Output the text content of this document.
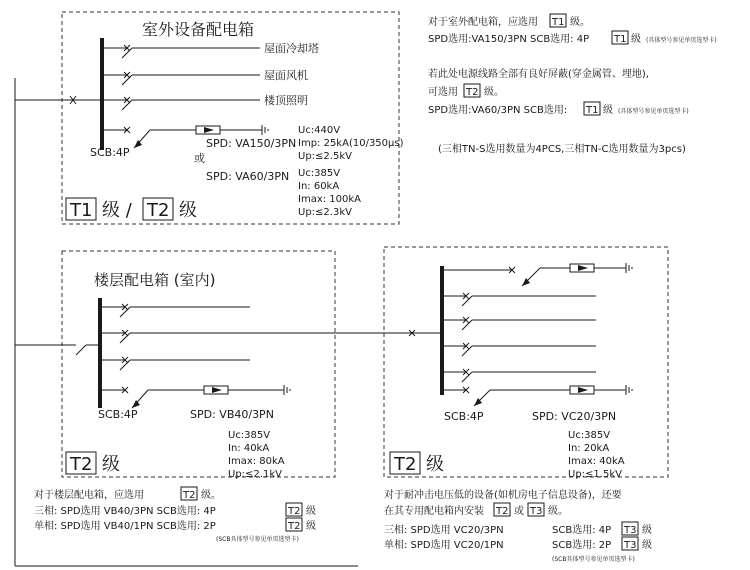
室外设备配电箱
屋面冷却塔
屋面风机
楼顶照明
SCB:4P
SPD: VA150/3PN
或
SPD: VA60/3PN
Uc:440V
Imp: 25kA(10/350μs)
Up:≤2.5kV
Uc:385V
In: 60kA
Imax: 100kA
Up:≤2.3kV
T1 级 / T2 级
对于室外配电箱，应选用 T1 级。
SPD选用:VA150/3PN SCB选用: 4P T1 级 (具体型号参见单页选型卡)
若此处电源线路全部有良好屏蔽(穿金属管、埋地),
可选用 T2 级。
SPD选用:VA60/3PN SCB选用: T1 级 (具体型号参见单页选型卡)
(三相TN-S选用数量为4PCS,三相TN-C选用数量为3pcs)
楼层配电箱 (室内)
SCB:4P	SPD: VB40/3PN
Uc:385V
In: 40kA
Imax: 80kA
Up:≤2.1kV
T2 级
SCB:4P	SPD: VC20/3PN
Uc:385V
In: 20kA
Imax: 40kA
Up:≤1.5kV
T2 级
对于楼层配电箱，应选用	T2 级。
三相: SPD选用 VB40/3PN SCB选用: 4P	T2 级
单相: SPD选用 VB40/1PN SCB选用: 2P	T2 级
(SCB具体型号参见单页选型卡)
对于耐冲击电压低的设备(如机房电子信息设备)，还要
在其专用配电箱内安装 T2 或 T3 级。
三相: SPD选用 VC20/3PN	SCB选用: 4P T3 级
单相: SPD选用 VC20/1PN	SCB选用: 2P T3 级
(SCB具体型号参见单页选型卡)
